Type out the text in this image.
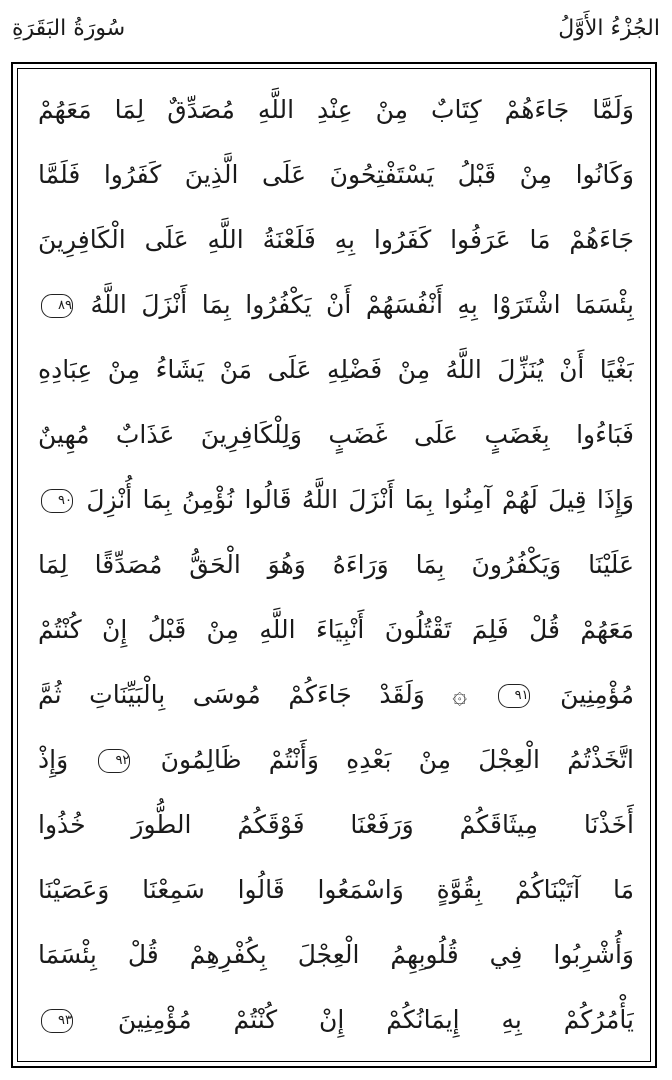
الجُزْءُ الأَوَّلُ
سُورَةُ البَقَرَةِ
وَلَمَّا جَاءَهُمْ كِتَابٌ مِنْ عِنْدِ اللَّهِ مُصَدِّقٌ لِمَا مَعَهُمْ
وَكَانُوا مِنْ قَبْلُ يَسْتَفْتِحُونَ عَلَى الَّذِينَ كَفَرُوا فَلَمَّا
جَاءَهُمْ مَا عَرَفُوا كَفَرُوا بِهِ فَلَعْنَةُ اللَّهِ عَلَى الْكَافِرِينَ
بِئْسَمَا اشْتَرَوْا بِهِ أَنْفُسَهُمْ أَنْ يَكْفُرُوا بِمَا أَنْزَلَ اللَّهُ ٨٩
بَغْيًا أَنْ يُنَزِّلَ اللَّهُ مِنْ فَضْلِهِ عَلَى مَنْ يَشَاءُ مِنْ عِبَادِهِ
فَبَاءُوا بِغَضَبٍ عَلَى غَضَبٍ وَلِلْكَافِرِينَ عَذَابٌ مُهِينٌ
وَإِذَا قِيلَ لَهُمْ آمِنُوا بِمَا أَنْزَلَ اللَّهُ قَالُوا نُؤْمِنُ بِمَا أُنْزِلَ ٩٠
عَلَيْنَا وَيَكْفُرُونَ بِمَا وَرَاءَهُ وَهُوَ الْحَقُّ مُصَدِّقًا لِمَا
مَعَهُمْ قُلْ فَلِمَ تَقْتُلُونَ أَنْبِيَاءَ اللَّهِ مِنْ قَبْلُ إِنْ كُنْتُمْ
مُؤْمِنِينَ ٩١ ۞ وَلَقَدْ جَاءَكُمْ مُوسَى بِالْبَيِّنَاتِ ثُمَّ
اتَّخَذْتُمُ الْعِجْلَ مِنْ بَعْدِهِ وَأَنْتُمْ ظَالِمُونَ ٩٢ وَإِذْ
أَخَذْنَا مِيثَاقَكُمْ وَرَفَعْنَا فَوْقَكُمُ الطُّورَ خُذُوا
مَا آتَيْنَاكُمْ بِقُوَّةٍ وَاسْمَعُوا قَالُوا سَمِعْنَا وَعَصَيْنَا
وَأُشْرِبُوا فِي قُلُوبِهِمُ الْعِجْلَ بِكُفْرِهِمْ قُلْ بِئْسَمَا
يَأْمُرُكُمْ بِهِ إِيمَانُكُمْ إِنْ كُنْتُمْ مُؤْمِنِينَ ٩٣
